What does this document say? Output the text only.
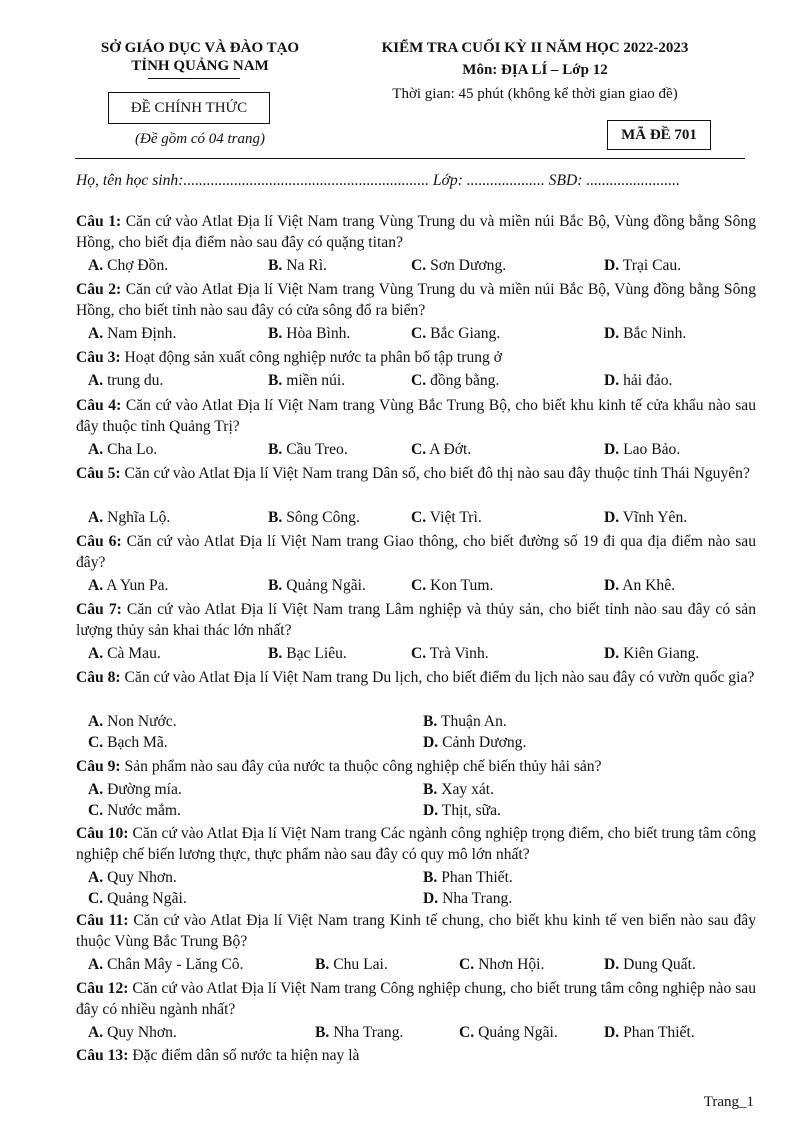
SỞ GIÁO DỤC VÀ ĐÀO TẠO
TỈNH QUẢNG NAM
ĐỀ CHÍNH THỨC
(Đề gồm có 04 trang)
KIỂM TRA CUỐI KỲ II NĂM HỌC 2022-2023
Môn: ĐỊA LÍ – Lớp 12
Thời gian: 45 phút (không kể thời gian giao đề)
MÃ ĐỀ 701
Họ, tên học sinh:............................................................... Lớp: .................... SBD: ........................
Câu 1: Căn cứ vào Atlat Địa lí Việt Nam trang Vùng Trung du và miền núi Bắc Bộ, Vùng đồng bằng Sông Hồng, cho biết địa điểm nào sau đây có quặng titan?
A. Chợ Đồn.	B. Na Rì.	C. Sơn Dương.	D. Trại Cau.
Câu 2: Căn cứ vào Atlat Địa lí Việt Nam trang Vùng Trung du và miền núi Bắc Bộ, Vùng đồng bằng Sông Hồng, cho biết tỉnh nào sau đây có cửa sông đổ ra biển?
A. Nam Định.	B. Hòa Bình.	C. Bắc Giang.	D. Bắc Ninh.
Câu 3: Hoạt động sản xuất công nghiệp nước ta phân bố tập trung ở
A. trung du.	B. miền núi.	C. đồng bằng.	D. hải đảo.
Câu 4: Căn cứ vào Atlat Địa lí Việt Nam trang Vùng Bắc Trung Bộ, cho biết khu kinh tế cửa khẩu nào sau đây thuộc tỉnh Quảng Trị?
A. Cha Lo.	B. Cầu Treo.	C. A Đớt.	D. Lao Bảo.
Câu 5: Căn cứ vào Atlat Địa lí Việt Nam trang Dân số, cho biết đô thị nào sau đây thuộc tỉnh Thái Nguyên?
A. Nghĩa Lộ.	B. Sông Công.	C. Việt Trì.	D. Vĩnh Yên.
Câu 6: Căn cứ vào Atlat Địa lí Việt Nam trang Giao thông, cho biết đường số 19 đi qua địa điểm nào sau đây?
A. A Yun Pa.	B. Quảng Ngãi.	C. Kon Tum.	D. An Khê.
Câu 7: Căn cứ vào Atlat Địa lí Việt Nam trang Lâm nghiệp và thủy sản, cho biết tỉnh nào sau đây có sản lượng thủy sản khai thác lớn nhất?
A. Cà Mau.	B. Bạc Liêu.	C. Trà Vinh.	D. Kiên Giang.
Câu 8: Căn cứ vào Atlat Địa lí Việt Nam trang Du lịch, cho biết điểm du lịch nào sau đây có vườn quốc gia?
A. Non Nước.	B. Thuận An.
C. Bạch Mã.	D. Cảnh Dương.
Câu 9: Sản phẩm nào sau đây của nước ta thuộc công nghiệp chế biến thủy hải sản?
A. Đường mía.	B. Xay xát.
C. Nước mắm.	D. Thịt, sữa.
Câu 10: Căn cứ vào Atlat Địa lí Việt Nam trang Các ngành công nghiệp trọng điểm, cho biết trung tâm công nghiệp chế biến lương thực, thực phẩm nào sau đây có quy mô lớn nhất?
A. Quy Nhơn.	B. Phan Thiết.
C. Quảng Ngãi.	D. Nha Trang.
Câu 11: Căn cứ vào Atlat Địa lí Việt Nam trang Kinh tế chung, cho biết khu kinh tế ven biển nào sau đây thuộc Vùng Bắc Trung Bộ?
A. Chân Mây - Lăng Cô.	B. Chu Lai.	C. Nhơn Hội.	D. Dung Quất.
Câu 12: Căn cứ vào Atlat Địa lí Việt Nam trang Công nghiệp chung, cho biết trung tâm công nghiệp nào sau đây có nhiều ngành nhất?
A. Quy Nhơn.	B. Nha Trang.	C. Quảng Ngãi.	D. Phan Thiết.
Câu 13: Đặc điểm dân số nước ta hiện nay là
Trang_1
